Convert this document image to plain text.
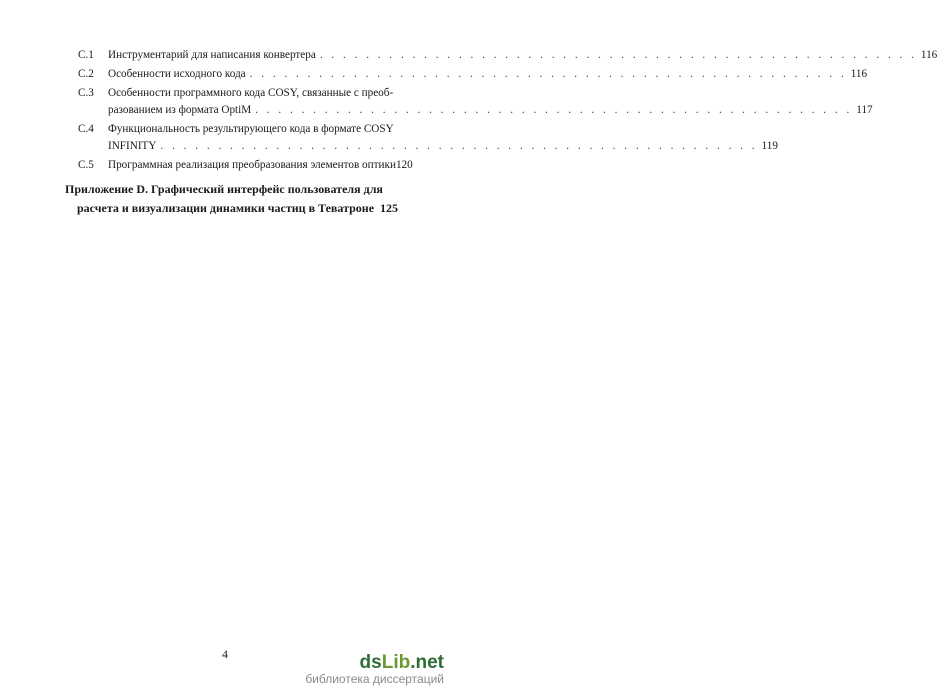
C.1	Инструментарий для написания конвертера . . .	116
C.2	Особенности исходного кода . . .	116
C.3	Особенности программного кода COSY, связанные с преоб-
разованием из формата OptiM . . .	117
C.4	Функциональность результирующего кода в формате COSY
INFINITY . . .	119
C.5	Программная реализация преобразования элементов оптики 120
Приложение D. Графический интерфейс пользователя для
расчета и визуализации динамики частиц в Теватроне 125
4	dsLib.net
библиотека диссертаций
